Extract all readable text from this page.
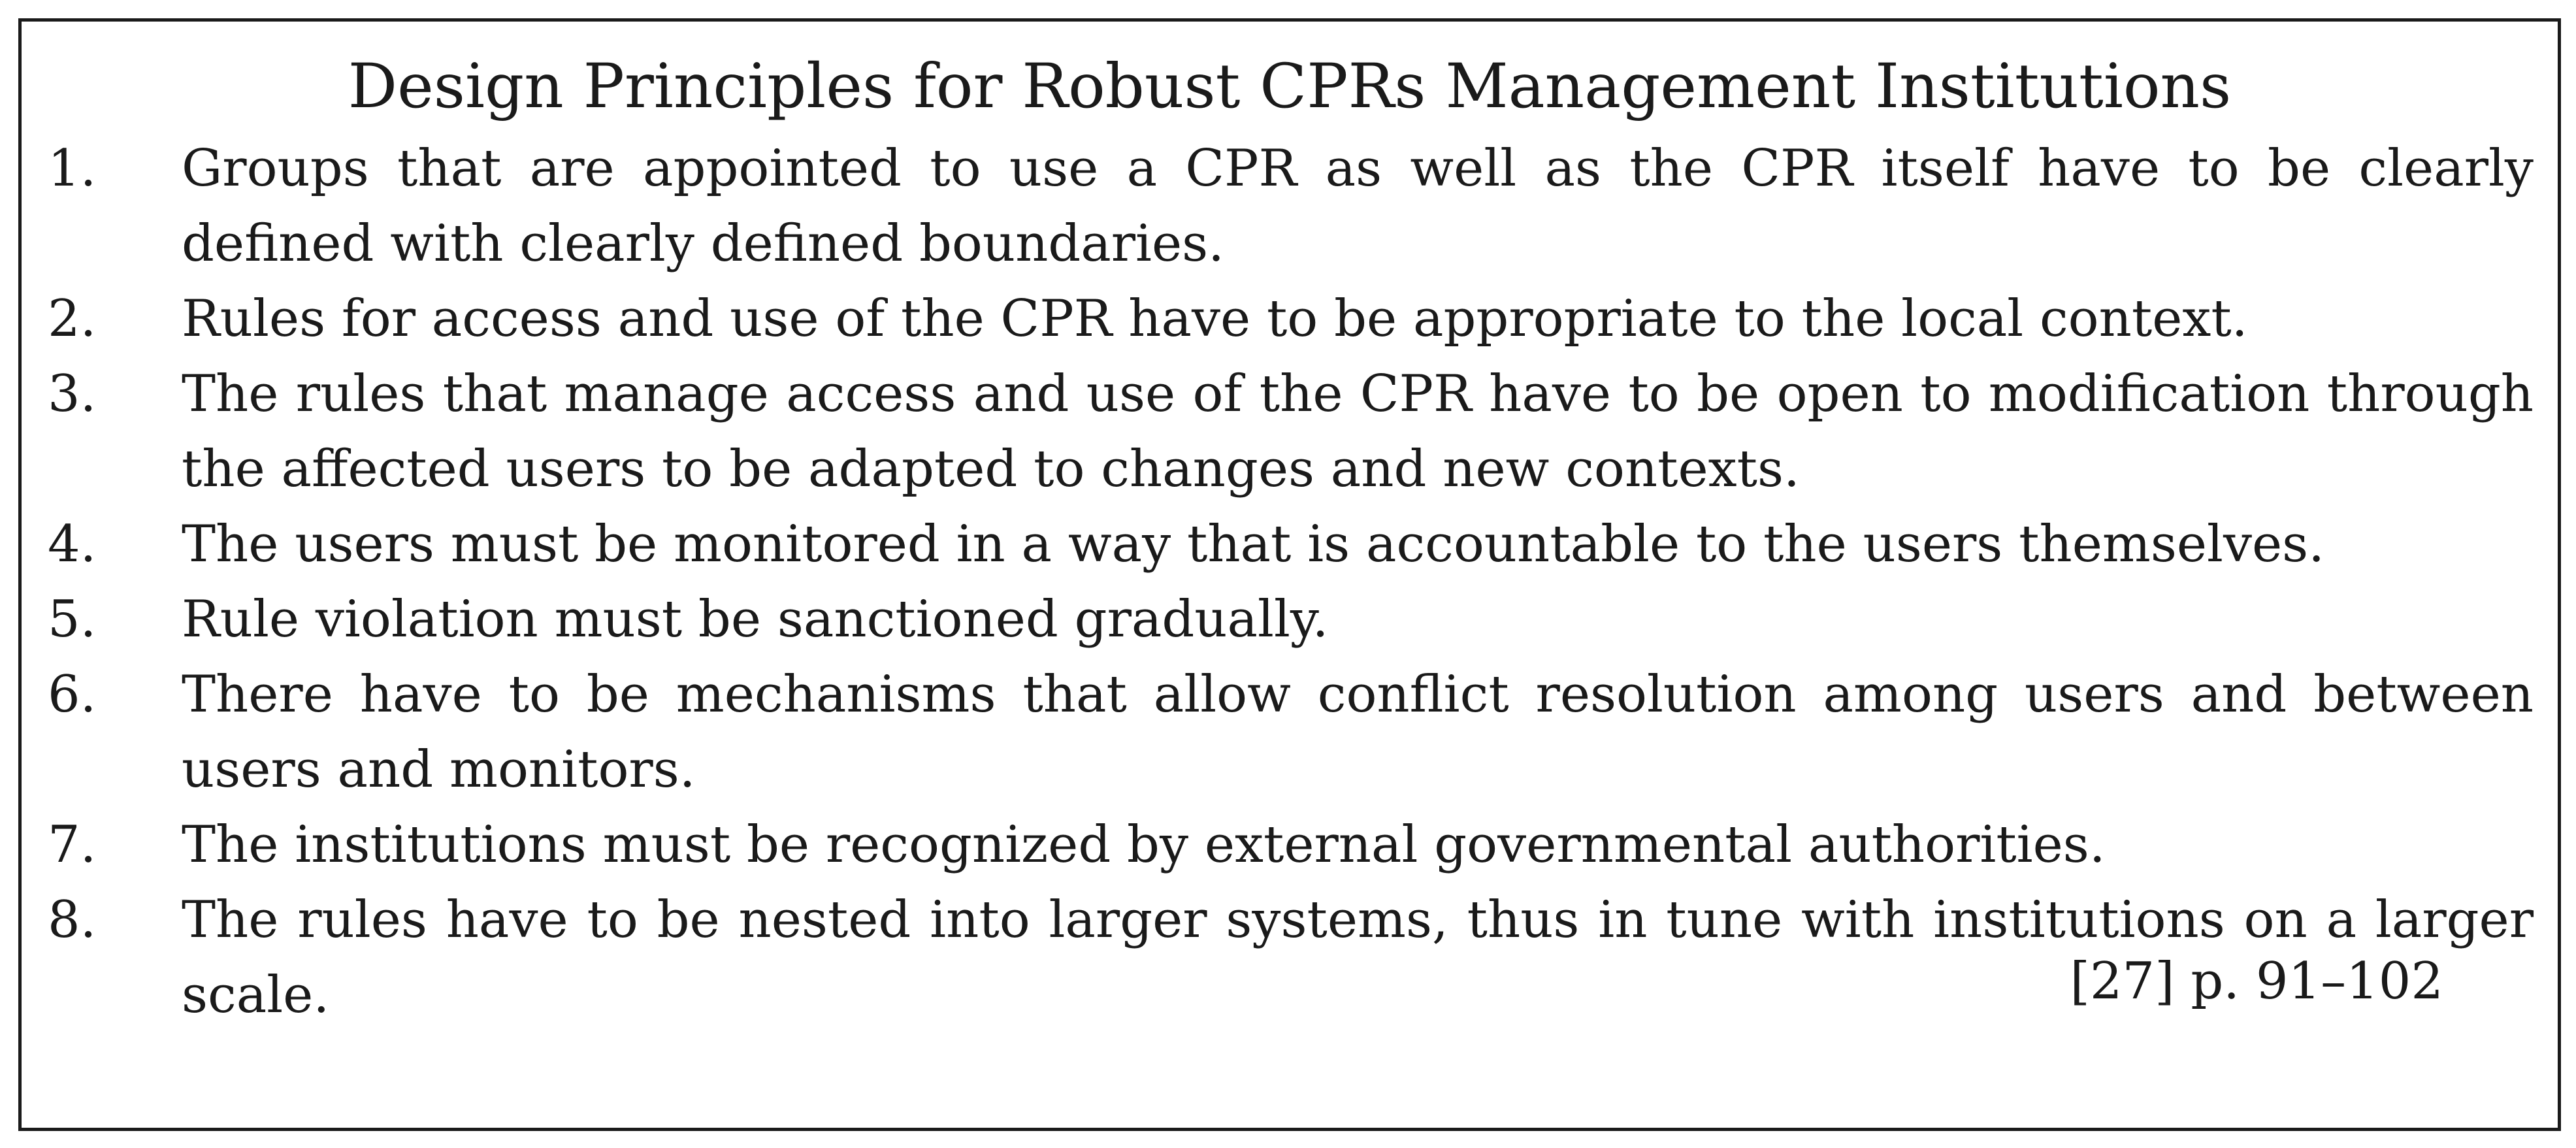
Design Principles for Robust CPRs Management Institutions
1.	Groups that are appointed to use a CPR as well as the CPR itself have to be clearly defined with clearly defined boundaries.
2.	Rules for access and use of the CPR have to be appropriate to the local context.
3.	The rules that manage access and use of the CPR have to be open to modification through the affected users to be adapted to changes and new contexts.
4.	The users must be monitored in a way that is accountable to the users themselves.
5.	Rule violation must be sanctioned gradually.
6.	There have to be mechanisms that allow conflict resolution among users and between users and monitors.
7.	The institutions must be recognized by external governmental authorities.
8.	The rules have to be nested into larger systems, thus in tune with institutions on a larger scale.	[27] p. 91–102
